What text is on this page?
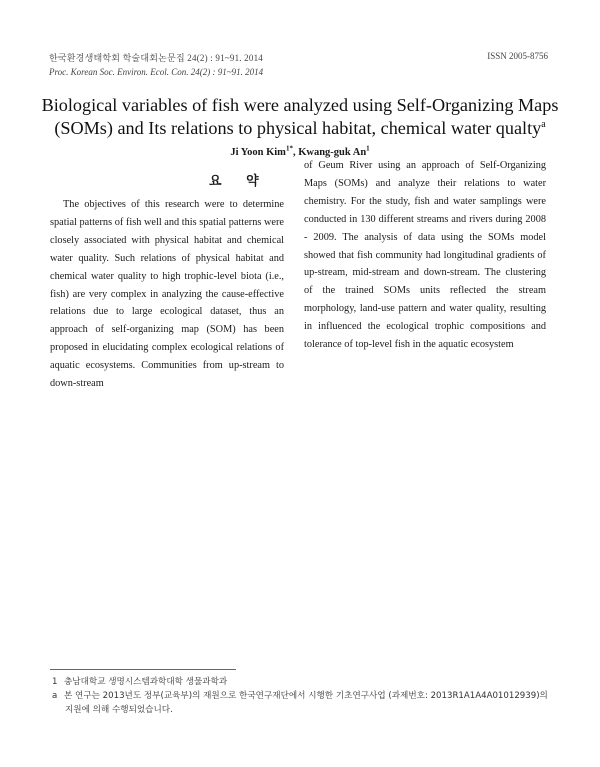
한국환경생태학회 학술대회논문집 24(2) : 91~91. 2014	ISSN 2005-8756
Proc. Korean Soc. Environ. Ecol. Con. 24(2) : 91~91. 2014
Biological variables of fish were analyzed using Self-Organizing Maps
(SOMs) and Its relations to physical habitat, chemical water qualty$^a$
Ji Yoon Kim$^{1*}$, Kwang-guk An$^1$
요 약
The objectives of this research were to determine spatial patterns of fish well and this spatial patterns were closely associated with physical habitat and chemical water quality. Such relations of physical habitat and chemical water quality to high trophic-level biota (i.e., fish) are very complex in analyzing the cause-effective relations due to large ecological dataset, thus an approach of self-organizing map (SOM) has been proposed in elucidating complex ecological relations of aquatic ecosystems. Communities from up-stream to down-stream
of Geum River using an approach of Self-Organizing Maps (SOMs) and analyze their relations to water chemistry. For the study, fish and water samplings were conducted in 130 different streams and rivers during 2008 - 2009. The analysis of data using the SOMs model showed that fish community had longitudinal gradients of up-stream, mid-stream and down-stream. The clustering of the trained SOMs units reflected the stream morphology, land-use pattern and water quality, resulting in influenced the ecological trophic compositions and tolerance of top-level fish in the aquatic ecosystem
1 충남대학교 생명시스템과학대학 생물과학과
a 본 연구는 2013년도 정부(교육부)의 재원으로 한국연구재단에서 시행한 기초연구사업 (과제번호: 2013R1A1A4A01012939)의
지원에 의해 수행되었습니다.
